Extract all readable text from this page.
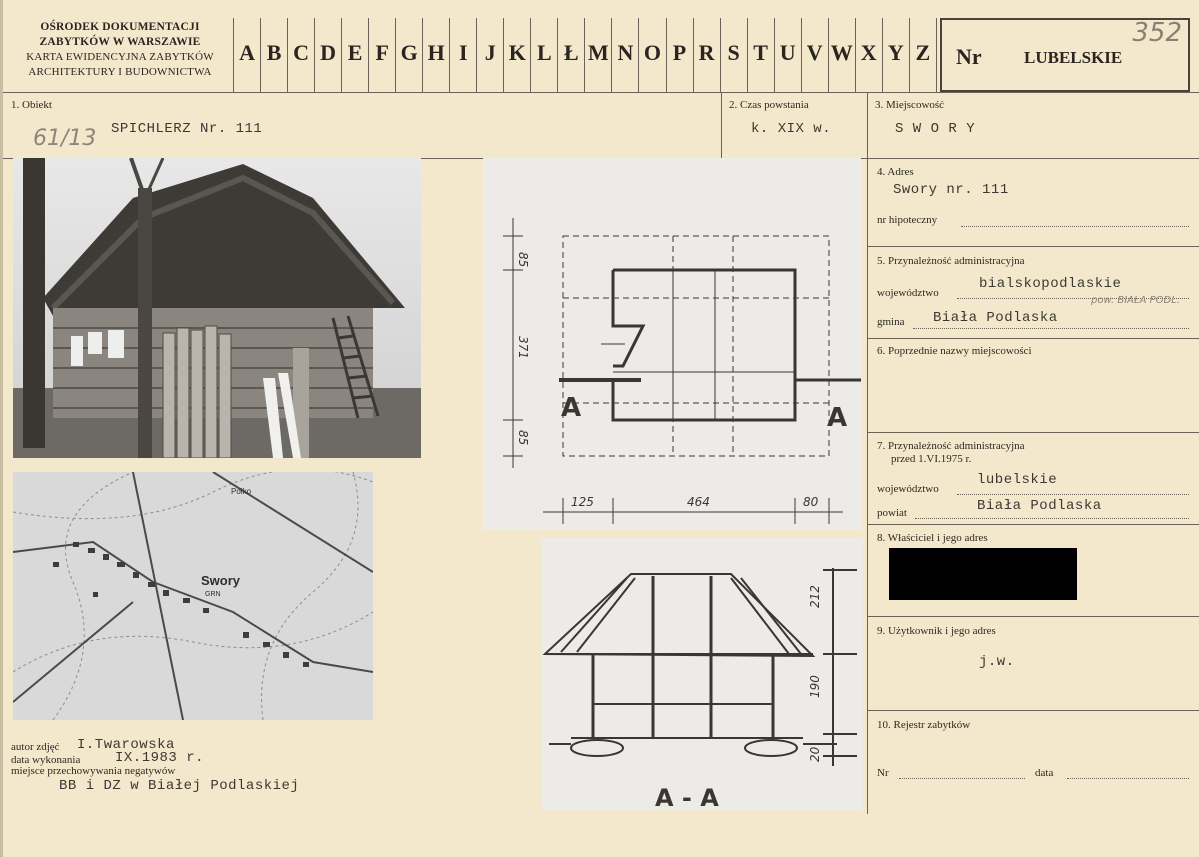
OŚRODEK DOKUMENTACJI
ZABYTKÓW W WARSZAWIE
KARTA EWIDENCYJNA ZABYTKÓW
ARCHITEKTURY I BUDOWNICTWA
A B C D E F G H I J K L Ł M N O P R S T U V W X Y Z	Nr LUBELSKIE
352
1. Obiekt
61/13 SPICHLERZ Nr. 111
2. Czas powstania
k. XIX w.
3. Miejscowość
S W O R Y
4. Adres
Swory nr. 111
nr hipoteczny
5. Przynależność administracyjna
województwo
bialskopodlaskie
gmina Biała Podlaska
pow. BIAŁA PODL.
6. Poprzednie nazwy miejscowości
7. Przynależność administracyjna
przed 1.VI.1975 r.
województwo
lubelskie
powiat	Biała Podlaska
8. Właściciel i jego adres
9. Użytkownik i jego adres
j.w.
10. Rejestr zabytków
Nr	data
Swory
GRN
Polko
85
371
85
125	464	80
A	A
212
190
20
A - A
autor zdjęć I.Twarowska
data wykonania IX.1983 r.
miejsce przechowywania negatywów
BB i DZ w Białej Podlaskiej
